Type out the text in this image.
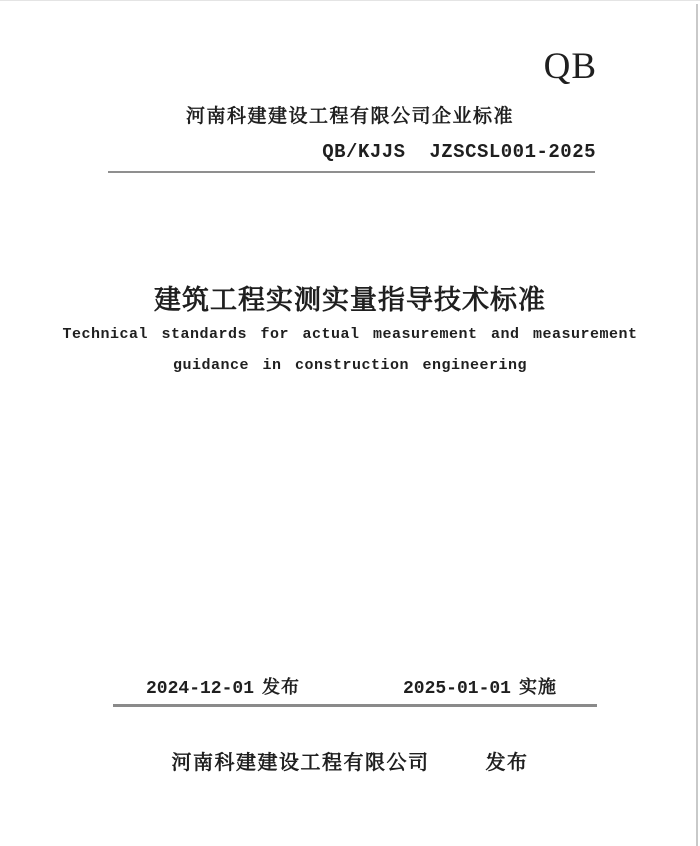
QB
河南科建建设工程有限公司企业标准
QB/KJJS  JZSCSL001-2025
建筑工程实测实量指导技术标准
Technical standards for actual measurement and measurement
guidance in construction engineering
2024-12-01 发布	2025-01-01 实施
河南科建建设工程有限公司	发布
